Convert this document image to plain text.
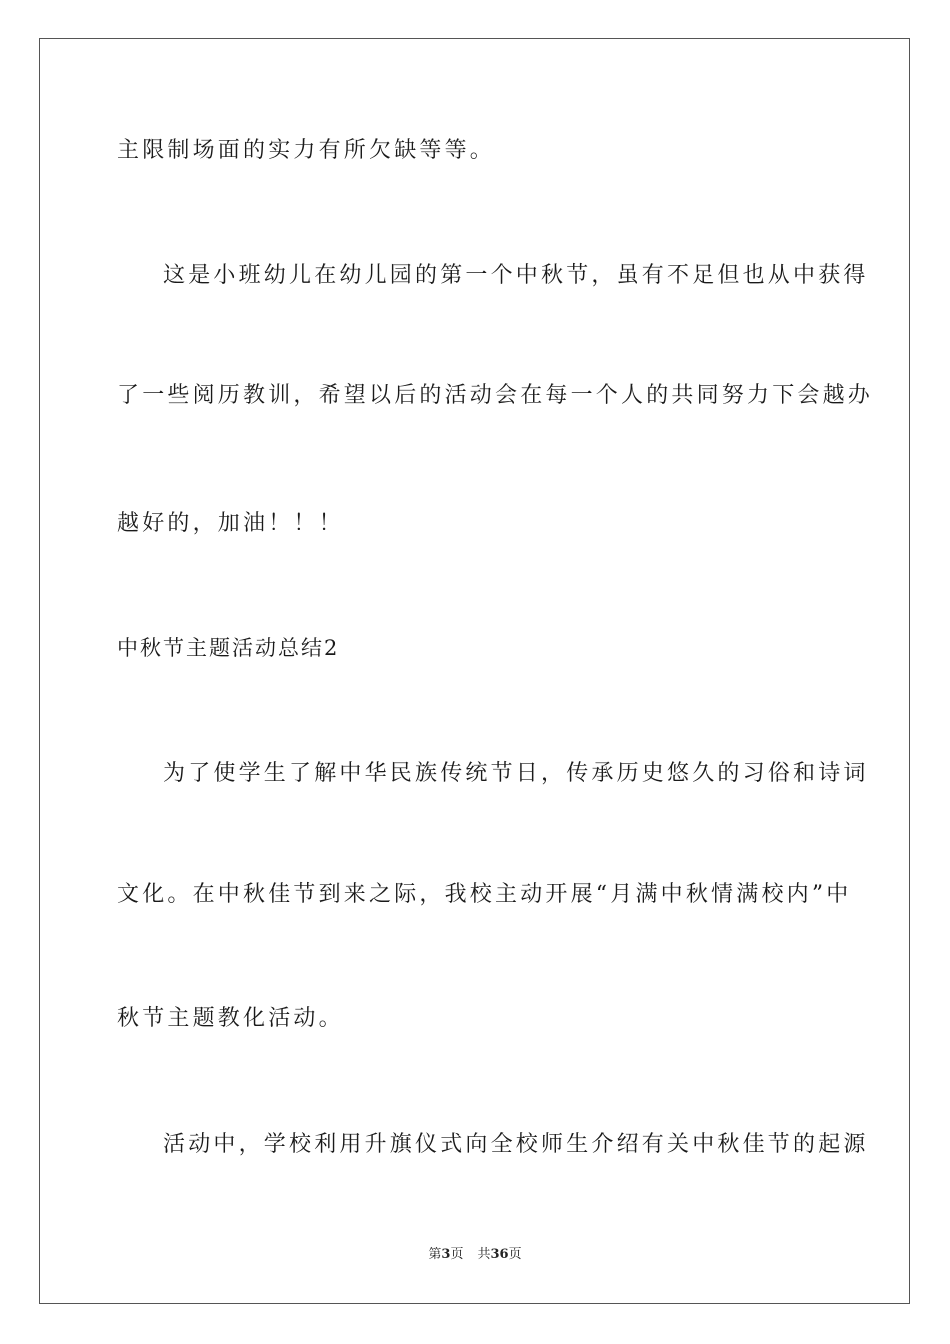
主限制场面的实力有所欠缺等等。
这是小班幼儿在幼儿园的第一个中秋节，虽有不足但也从中获得
了一些阅历教训，希望以后的活动会在每一个人的共同努力下会越办
越好的，加油！！！
中秋节主题活动总结2
为了使学生了解中华民族传统节日，传承历史悠久的习俗和诗词
文化。在中秋佳节到来之际，我校主动开展“月满中秋情满校内”中
秋节主题教化活动。
活动中，学校利用升旗仪式向全校师生介绍有关中秋佳节的起源
第3页 共36页
